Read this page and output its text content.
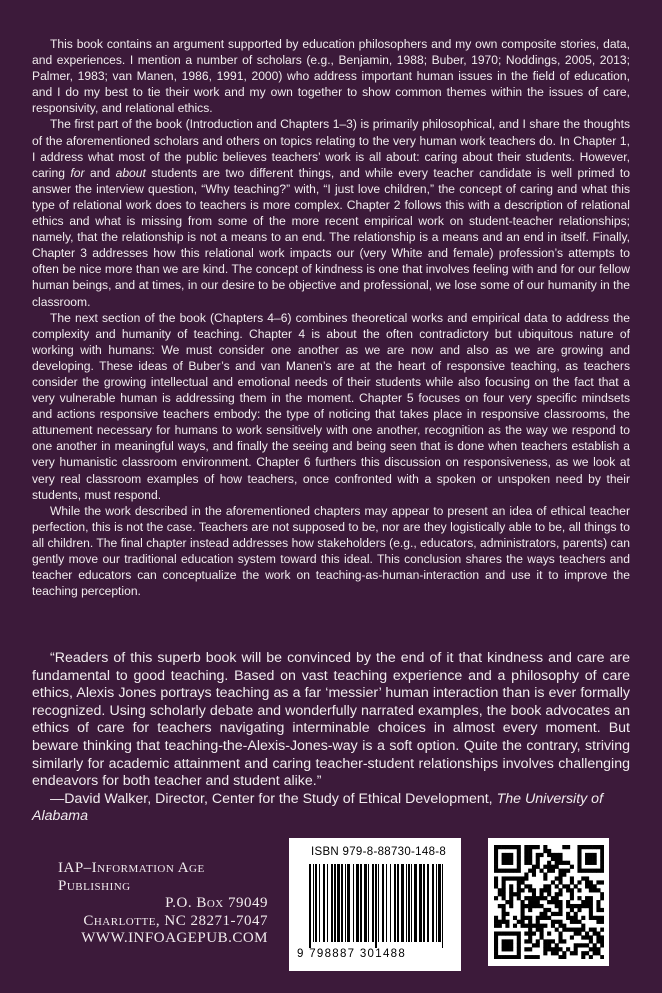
This book contains an argument supported by education philosophers and my own composite stories, data, and experiences. I mention a number of scholars (e.g., Benjamin, 1988; Buber, 1970; Noddings, 2005, 2013; Palmer, 1983; van Manen, 1986, 1991, 2000) who address important human issues in the field of education, and I do my best to tie their work and my own together to show common themes within the issues of care, responsivity, and relational ethics.

The first part of the book (Introduction and Chapters 1–3) is primarily philosophical, and I share the thoughts of the aforementioned scholars and others on topics relating to the very human work teachers do. In Chapter 1, I address what most of the public believes teachers’ work is all about: caring about their students. However, caring for and about students are two different things, and while every teacher candidate is well primed to answer the interview question, “Why teaching?” with, “I just love children,” the concept of caring and what this type of relational work does to teachers is more complex. Chapter 2 follows this with a description of relational ethics and what is missing from some of the more recent empirical work on student-teacher relationships; namely, that the relationship is not a means to an end. The relationship is a means and an end in itself. Finally, Chapter 3 addresses how this relational work impacts our (very White and female) profession’s attempts to often be nice more than we are kind. The concept of kindness is one that involves feeling with and for our fellow human beings, and at times, in our desire to be objective and professional, we lose some of our humanity in the classroom.

The next section of the book (Chapters 4–6) combines theoretical works and empirical data to address the complexity and humanity of teaching. Chapter 4 is about the often contradictory but ubiquitous nature of working with humans: We must consider one another as we are now and also as we are growing and developing. These ideas of Buber’s and van Manen’s are at the heart of responsive teaching, as teachers consider the growing intellectual and emotional needs of their students while also focusing on the fact that a very vulnerable human is addressing them in the moment. Chapter 5 focuses on four very specific mindsets and actions responsive teachers embody: the type of noticing that takes place in responsive classrooms, the attunement necessary for humans to work sensitively with one another, recognition as the way we respond to one another in meaningful ways, and finally the seeing and being seen that is done when teachers establish a very humanistic classroom environment. Chapter 6 furthers this discussion on responsiveness, as we look at very real classroom examples of how teachers, once confronted with a spoken or unspoken need by their students, must respond.

While the work described in the aforementioned chapters may appear to present an idea of ethical teacher perfection, this is not the case. Teachers are not supposed to be, nor are they logistically able to be, all things to all children. The final chapter instead addresses how stakeholders (e.g., educators, administrators, parents) can gently move our traditional education system toward this ideal. This conclusion shares the ways teachers and teacher educators can conceptualize the work on teaching-as-human-interaction and use it to improve the teaching perception.

“Readers of this superb book will be convinced by the end of it that kindness and care are fundamental to good teaching. Based on vast teaching experience and a philosophy of care ethics, Alexis Jones portrays teaching as a far ‘messier’ human interaction than is ever formally recognized. Using scholarly debate and wonderfully narrated examples, the book advocates an ethics of care for teachers navigating interminable choices in almost every moment. But beware thinking that teaching-the-Alexis-Jones-way is a soft option. Quite the contrary, striving similarly for academic attainment and caring teacher-student relationships involves challenging endeavors for both teacher and student alike.”

—David Walker, Director, Center for the Study of Ethical Development, The University of Alabama

IAP–Information Age Publishing
P.O. Box 79049
Charlotte, NC 28271-7047
WWW.INFOAGEPUB.COM
ISBN 979-8-88730-148-8
9 798887 301488
